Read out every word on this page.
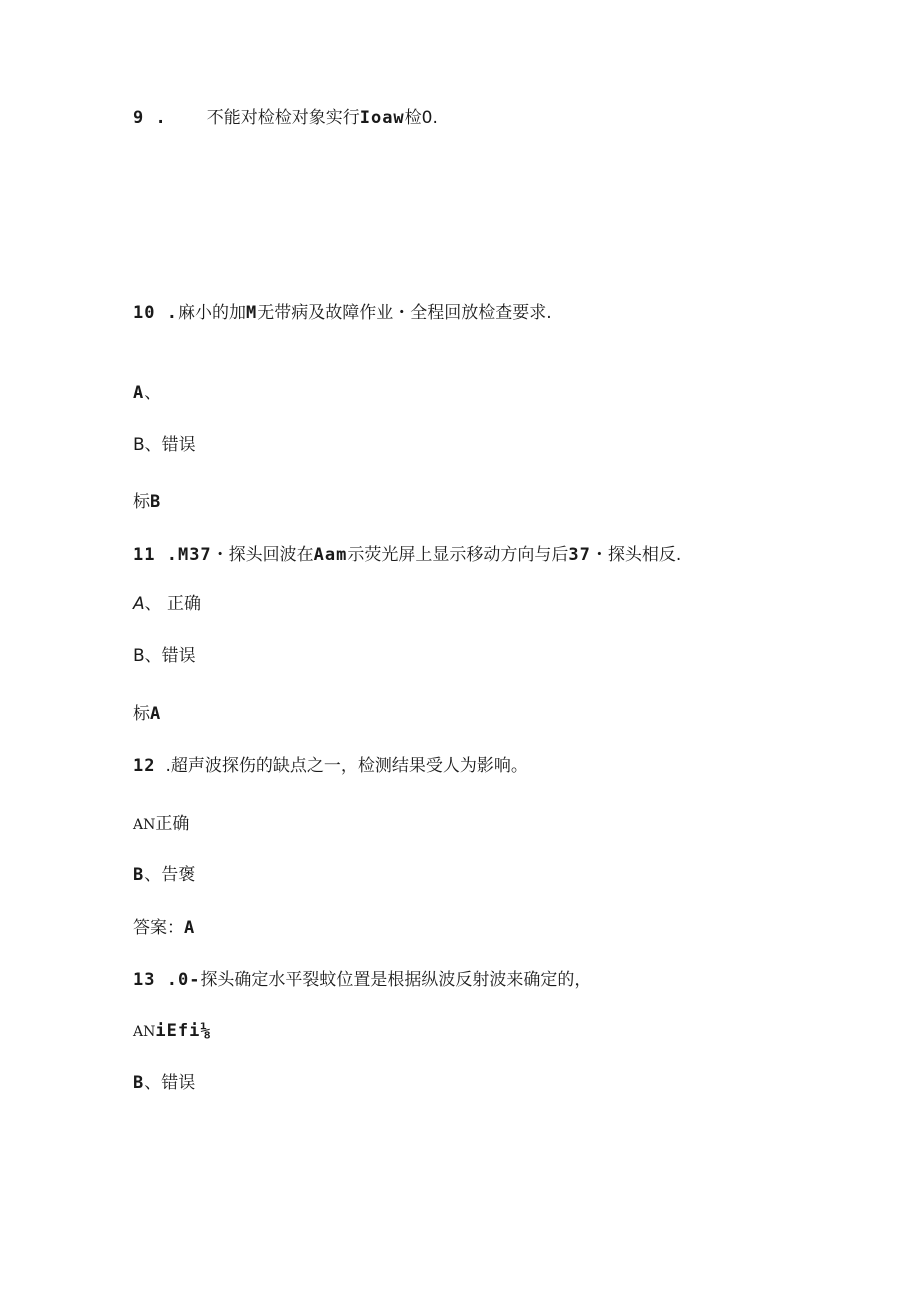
9 . 不能对检检对象实行Ioaw检0.
10 .麻小的加M无带病及故障作业・全程回放检查要求.
A、
B、错误
标B
11 .M37・探头回波在Aam示荧光屏上显示移动方向与后37・探头相反.
A、 正确
B、错误
标A
12 .超声波探伤的缺点之一，检测结果受人为影响。
AN正确
B、告褒
答案：A
13 .0-探头确定水平裂蚊位置是根据纵波反射波来确定的，
ANiEfi⅛
B、错误
